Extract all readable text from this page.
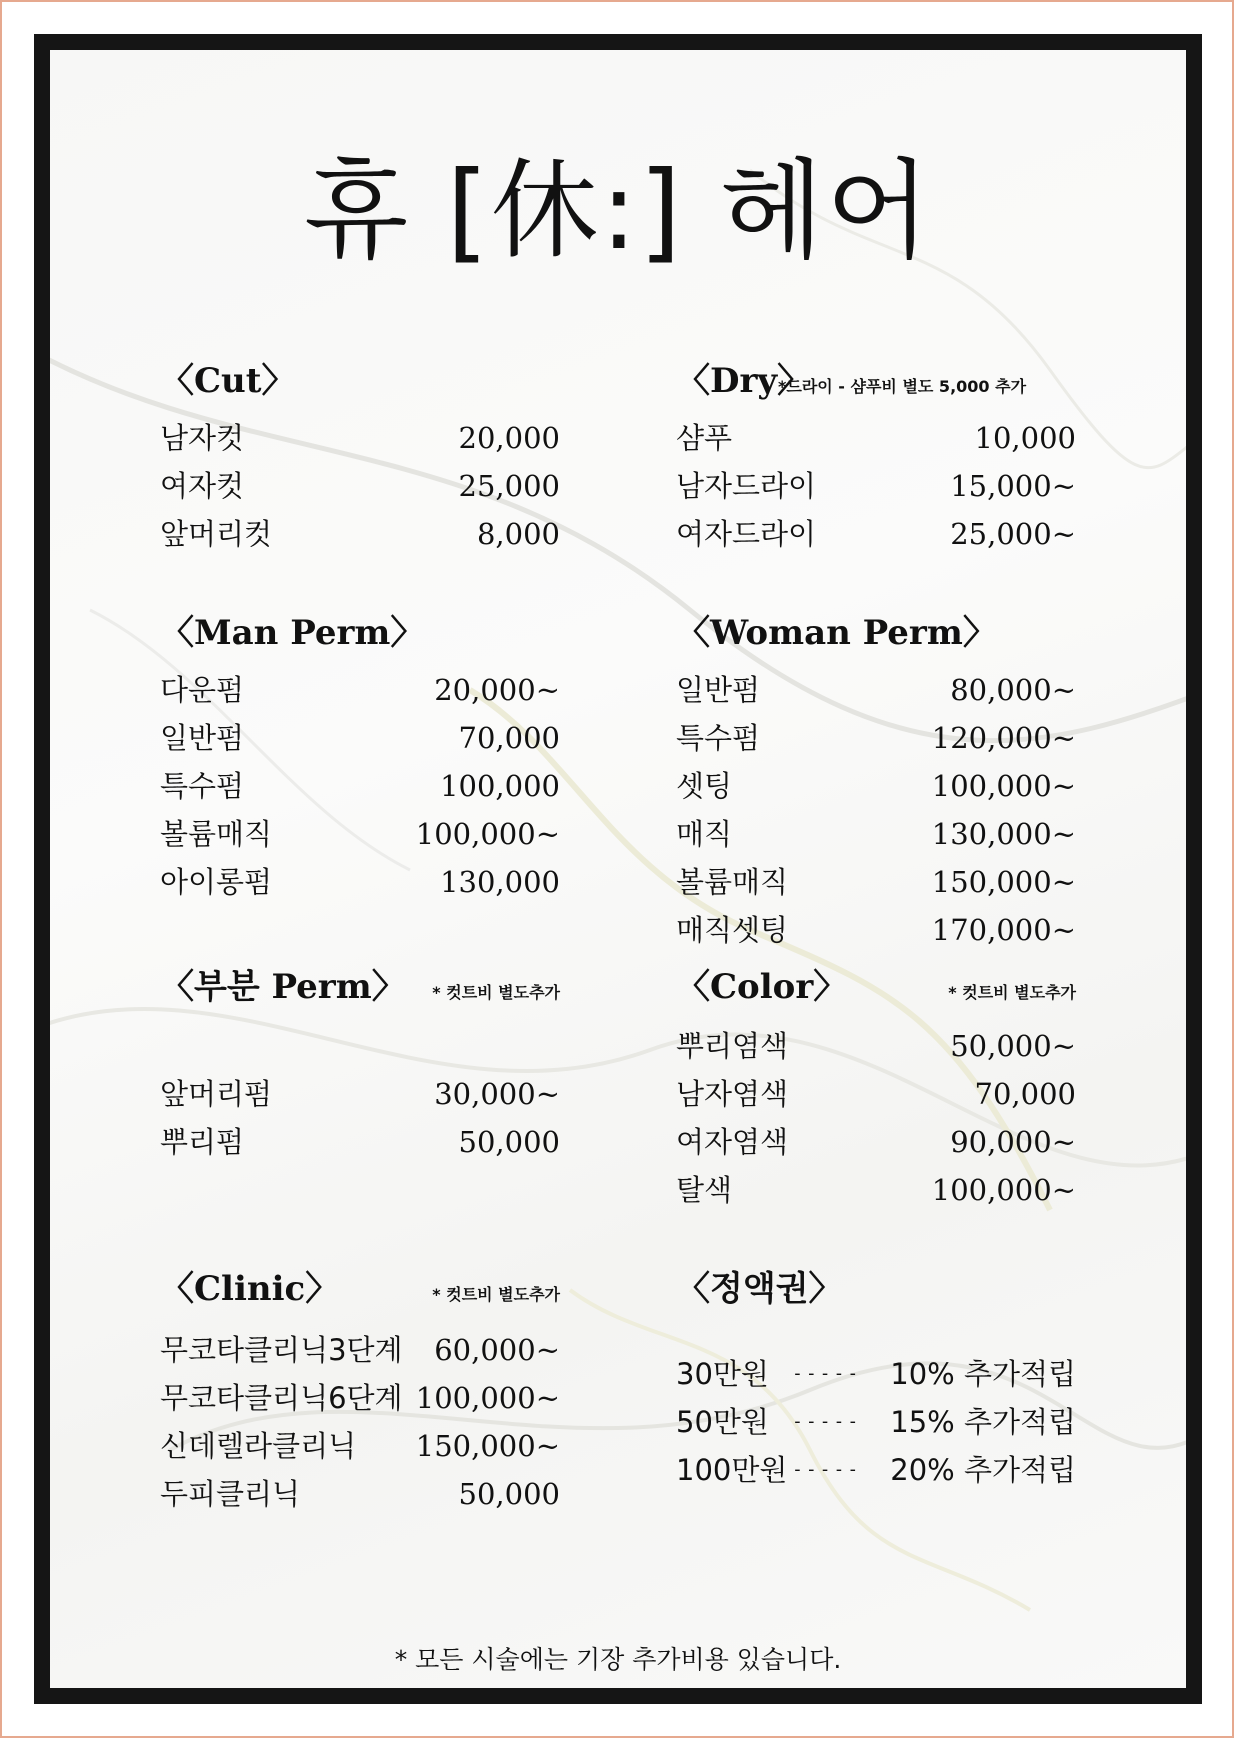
휴 [休:] 헤어
〈Cut〉
남자컷	20,000
여자컷	25,000
앞머리컷	8,000
〈Dry〉
*드라이 - 샴푸비 별도 5,000 추가
샴푸	10,000
남자드라이	15,000~
여자드라이	25,000~
〈Man Perm〉
다운펌	20,000~
일반펌	70,000
특수펌	100,000
볼륨매직	100,000~
아이롱펌	130,000
〈Woman Perm〉
일반펌	80,000~
특수펌	120,000~
셋팅	100,000~
매직	130,000~
볼륨매직	150,000~
매직셋팅	170,000~
〈부분 Perm〉	* 컷트비 별도추가
앞머리펌	30,000~
뿌리펌	50,000
〈Color〉	* 컷트비 별도추가
뿌리염색	50,000~
남자염색	70,000
여자염색	90,000~
탈색	100,000~
〈Clinic〉	* 컷트비 별도추가
무코타클리닉3단계 60,000~
무코타클리닉6단계 100,000~
신데렐라클리닉 150,000~
두피클리닉	50,000
〈정액권〉
30만원 ----- 10% 추가적립
50만원 ----- 15% 추가적립
100만원 ----- 20% 추가적립
* 모든 시술에는 기장 추가비용 있습니다.
